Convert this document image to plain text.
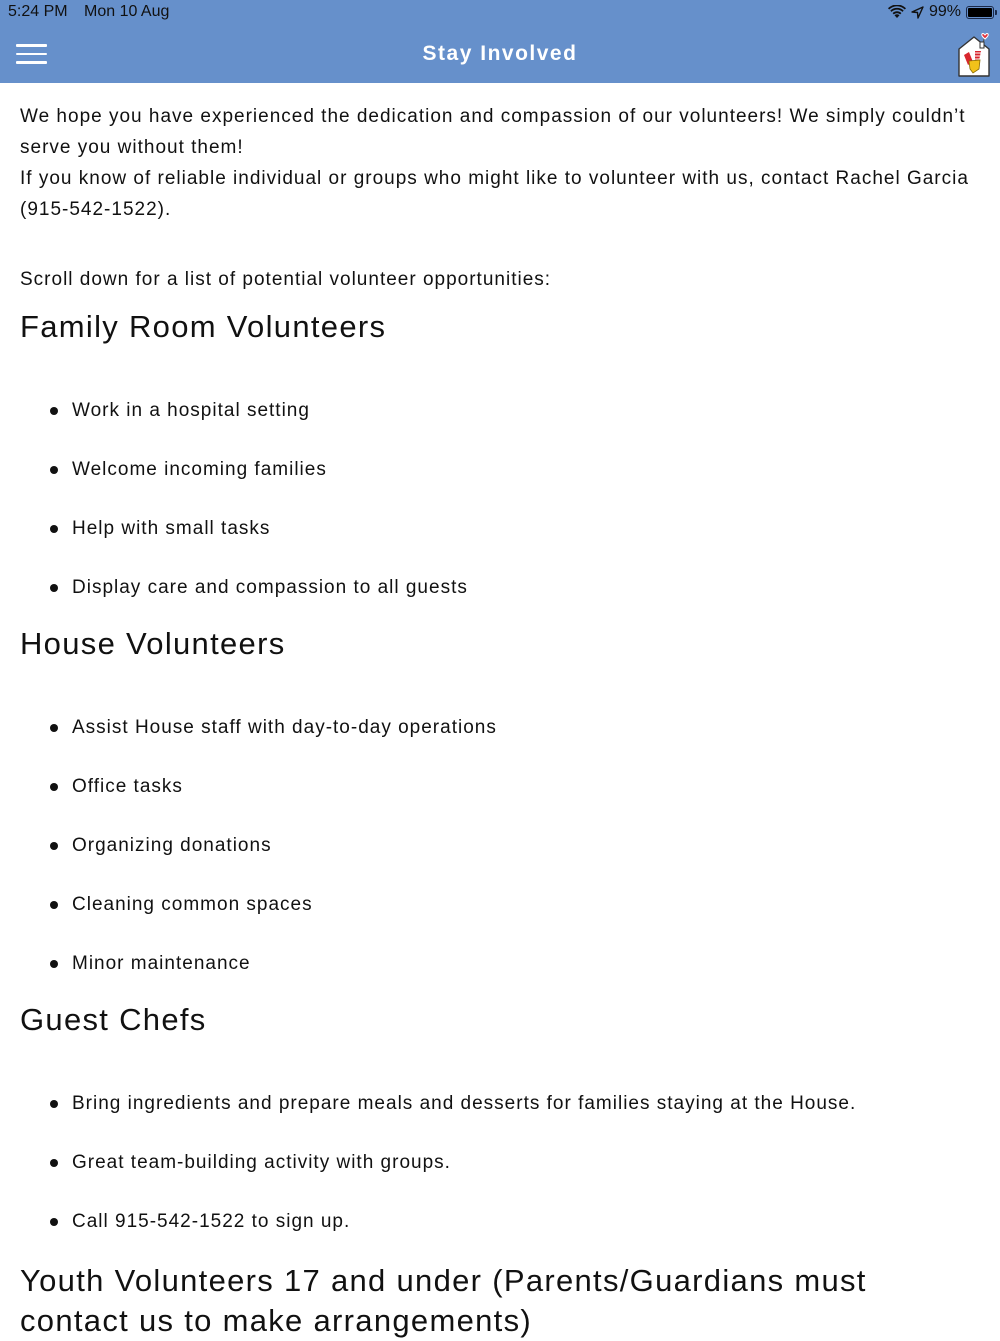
5:24 PM Mon 10 Aug	99%
Stay Involved

We hope you have experienced the dedication and compassion of our volunteers! We simply couldn’t serve you without them!

If you know of reliable individual or groups who might like to volunteer with us, contact Rachel Garcia (915-542-1522).

Scroll down for a list of potential volunteer opportunities:

Family Room Volunteers
Work in a hospital setting
Welcome incoming families
Help with small tasks
Display care and compassion to all guests
House Volunteers
Assist House staff with day-to-day operations
Office tasks
Organizing donations
Cleaning common spaces
Minor maintenance
Guest Chefs
Bring ingredients and prepare meals and desserts for families staying at the House.
Great team-building activity with groups.
Call 915-542-1522 to sign up.
Youth Volunteers 17 and under (Parents/Guardians must contact us to make arrangements)
